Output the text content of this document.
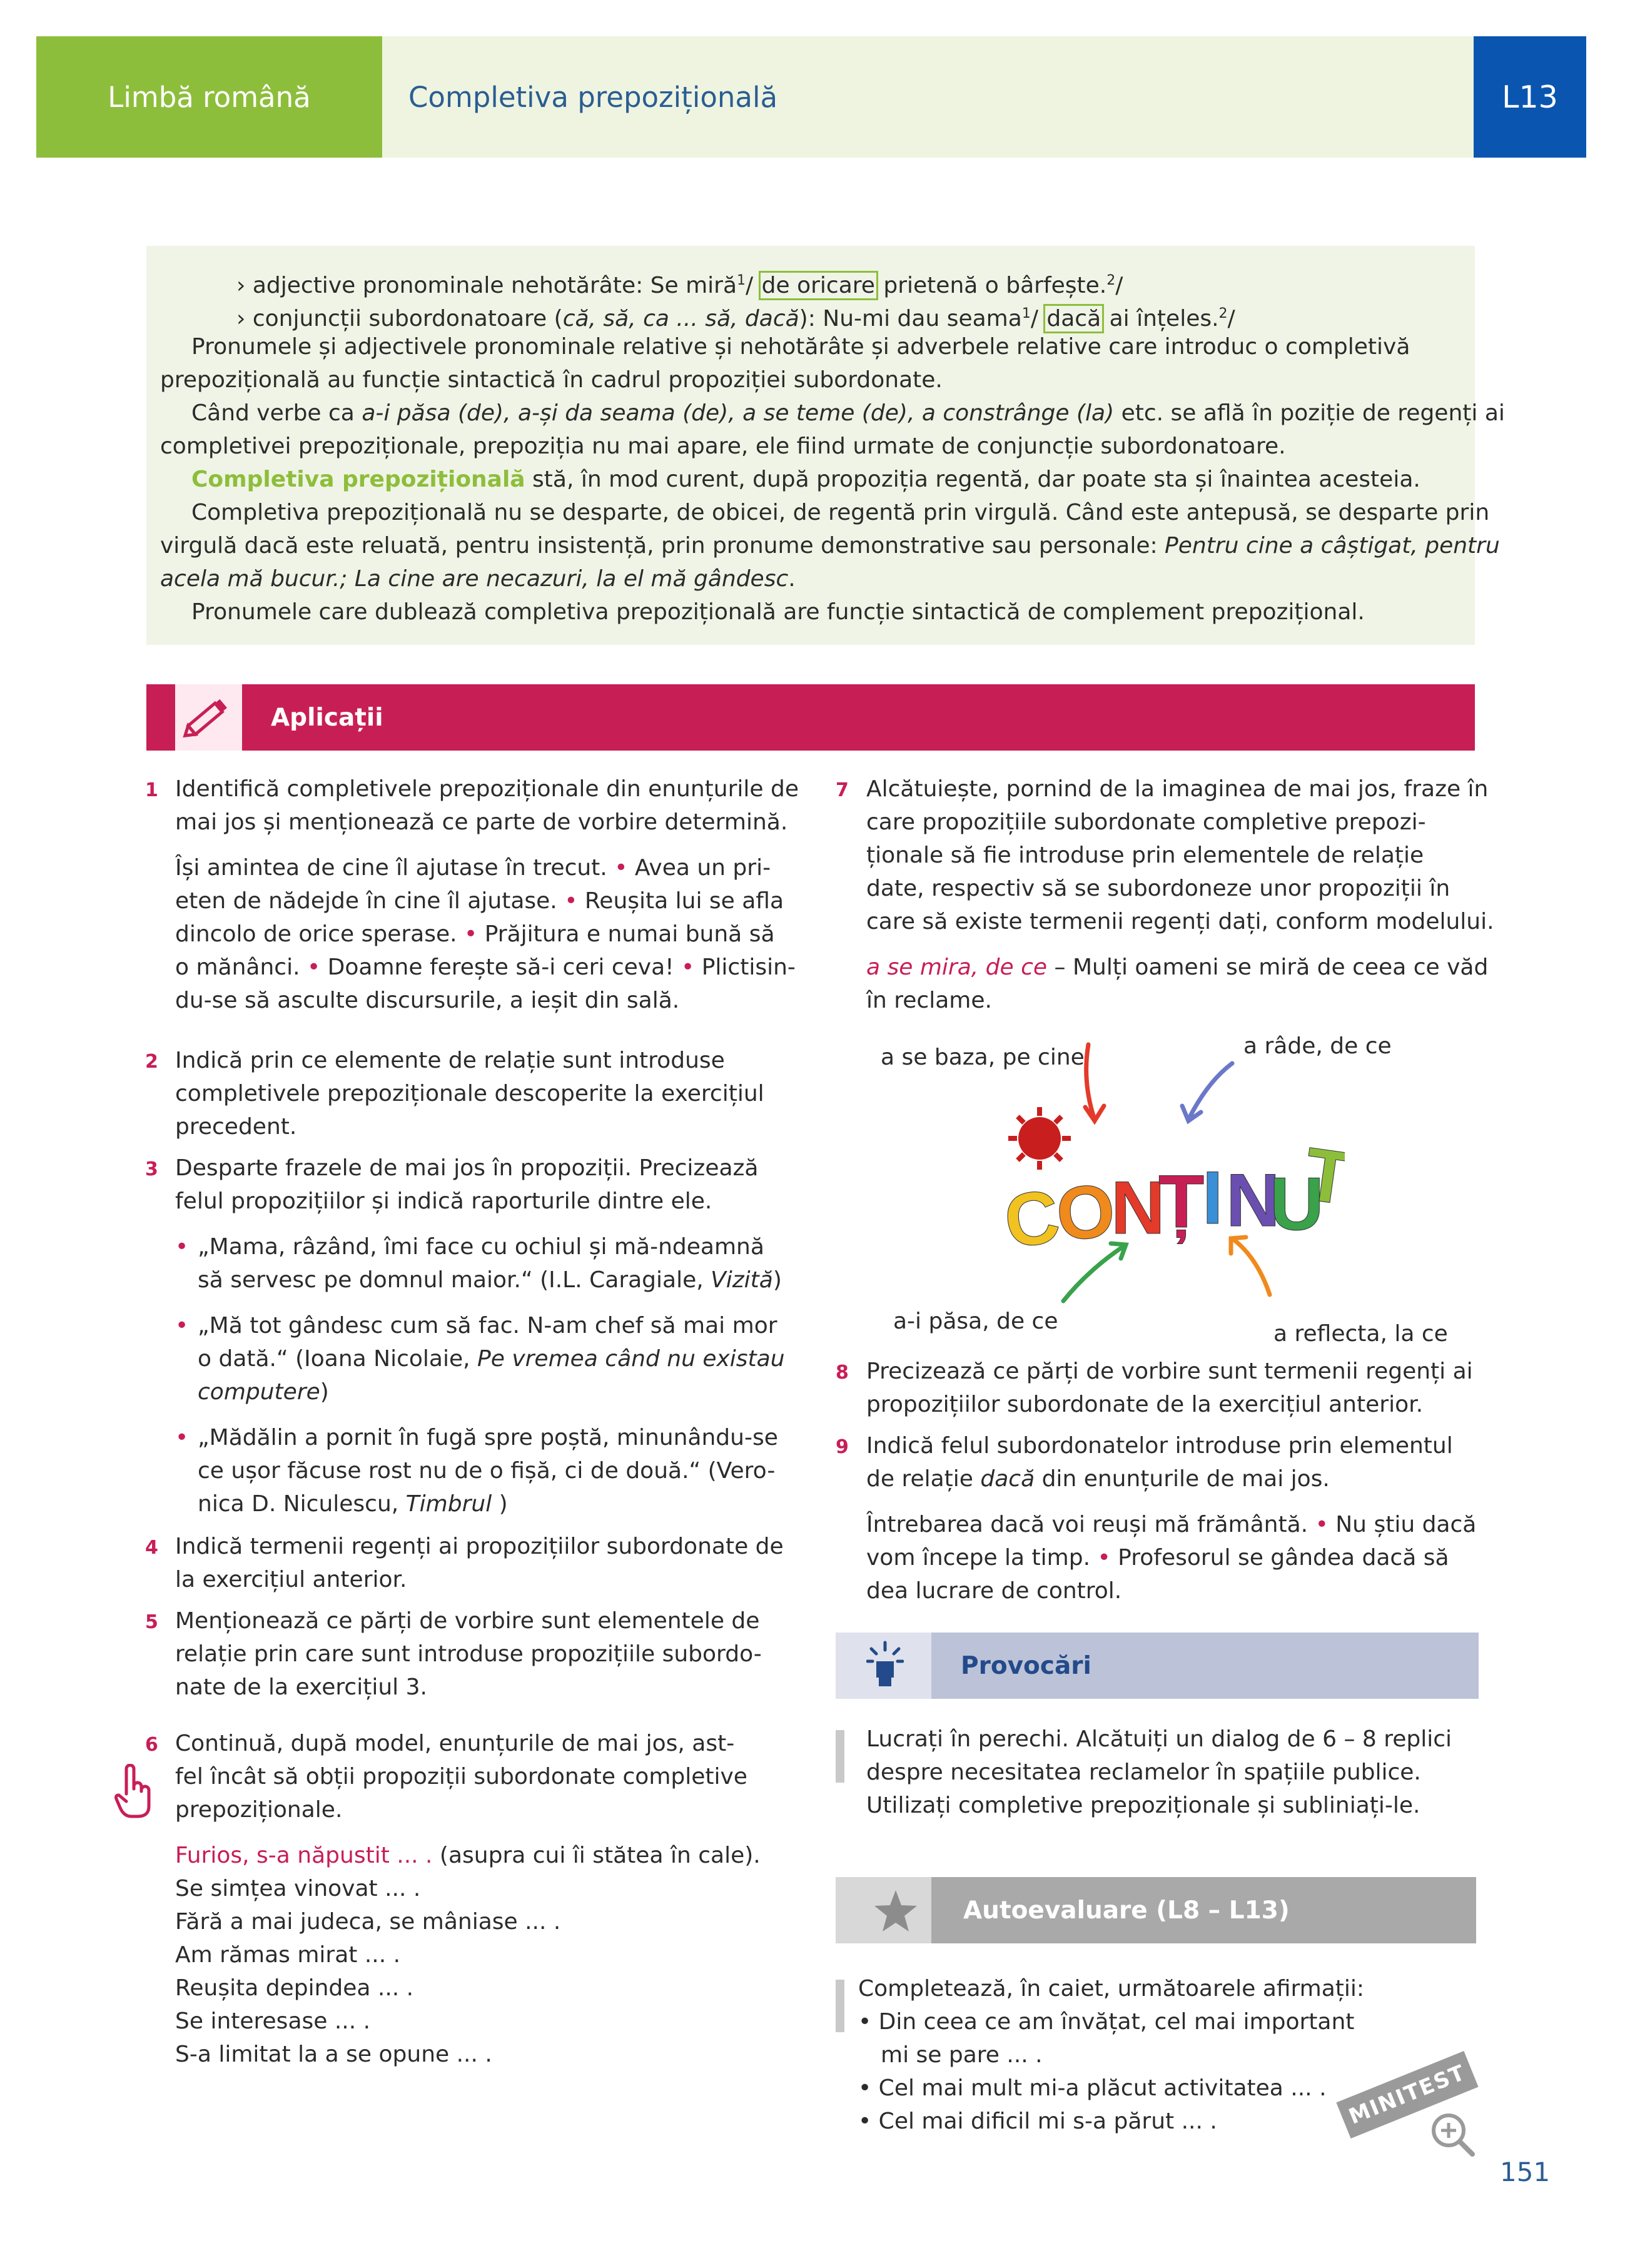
Limbă română	Completiva prepozițională	L13
› adjective pronominale nehotărâte: Se miră$^1$/ de oricare prietenă o bârfește.$^2$/
› conjuncții subordonatoare (că, să, ca ... să, dacă): Nu-mi dau seama$^1$/ dacă ai înțeles.$^2$/
Pronumele și adjectivele pronominale relative și nehotărâte și adverbele relative care introduc o completivă
prepozițională au funcție sintactică în cadrul propoziției subordonate.
Când verbe ca a-i păsa (de), a-și da seama (de), a se teme (de), a constrânge (la) etc. se află în poziție de regenți ai
completivei prepoziționale, prepoziția nu mai apare, ele fiind urmate de conjuncție subordonatoare.
Completiva prepozițională stă, în mod curent, după propoziția regentă, dar poate sta și înaintea acesteia.
Completiva prepozițională nu se desparte, de obicei, de regentă prin virgulă. Când este antepusă, se desparte prin
virgulă dacă este reluată, pentru insistență, prin pronume demonstrative sau personale: Pentru cine a câștigat, pentru
acela mă bucur.; La cine are necazuri, la el mă gândesc.
Pronumele care dublează completiva prepozițională are funcție sintactică de complement prepozițional.
Aplicații
1 Identifică completivele prepoziționale din enunțurile de
mai jos și menționează ce parte de vorbire determină.
Își amintea de cine îl ajutase în trecut. • Avea un pri-
eten de nădejde în cine îl ajutase. • Reușita lui se afla
dincolo de orice sperase. • Prăjitura e numai bună să
o mănânci. • Doamne ferește să-i ceri ceva! • Plictisin-
du-se să asculte discursurile, a ieșit din sală.
2 Indică prin ce elemente de relație sunt introduse
completivele prepoziționale descoperite la exercițiul
precedent.
3 Desparte frazele de mai jos în propoziții. Precizează
felul propozițiilor și indică raporturile dintre ele.
• „Mama, râzând, îmi face cu ochiul și mă-ndeamnă
să servesc pe domnul maior.“ (I.L. Caragiale, Vizită)
• „Mă tot gândesc cum să fac. N-am chef să mai mor
o dată.“ (Ioana Nicolaie, Pe vremea când nu existau
computere)
• „Mădălin a pornit în fugă spre poștă, minunându-se
ce ușor făcuse rost nu de o fișă, ci de două.“ (Vero-
nica D. Niculescu, Timbrul )
4 Indică termenii regenți ai propozițiilor subordonate de
la exercițiul anterior.
5 Menționează ce părți de vorbire sunt elementele de
relație prin care sunt introduse propozițiile subordo-
nate de la exercițiul 3.
6 Continuă, după model, enunțurile de mai jos, ast-
fel încât să obții propoziții subordonate completive
prepoziționale.
Furios, s-a năpustit ... . (asupra cui îi stătea în cale).
Se simțea vinovat ... .
Fără a mai judeca, se mâniase ... .
Am rămas mirat ... .
Reușita depindea ... .
Se interesase ... .
S-a limitat la a se opune ... .
7 Alcătuiește, pornind de la imaginea de mai jos, fraze în
care propozițiile subordonate completive prepozi-
ționale să fie introduse prin elementele de relație
date, respectiv să se subordoneze unor propoziții în
care să existe termenii regenți dați, conform modelului.
a se mira, de ce – Mulți oameni se miră de ceea ce văd
în reclame.
a se baza, pe cine	a râde, de ce
a-i păsa, de ce	a reflecta, la ce
C
O
N
Ț
I N
U
T
8 Precizează ce părți de vorbire sunt termenii regenți ai
propozițiilor subordonate de la exercițiul anterior.
9 Indică felul subordonatelor introduse prin elementul
de relație dacă din enunțurile de mai jos.
Întrebarea dacă voi reuși mă frământă. • Nu știu dacă
vom începe la timp. • Profesorul se gândea dacă să
dea lucrare de control.
Provocări
Lucrați în perechi. Alcătuiți un dialog de 6 – 8 replici
despre necesitatea reclamelor în spațiile publice.
Utilizați completive prepoziționale și subliniați-le.
Autoevaluare (L8 – L13)
Completează, în caiet, următoarele afirmații:
• Din ceea ce am învățat, cel mai important
mi se pare ... .
• Cel mai mult mi-a plăcut activitatea ... .
• Cel mai dificil mi s-a părut ... .	MINITEST
151
